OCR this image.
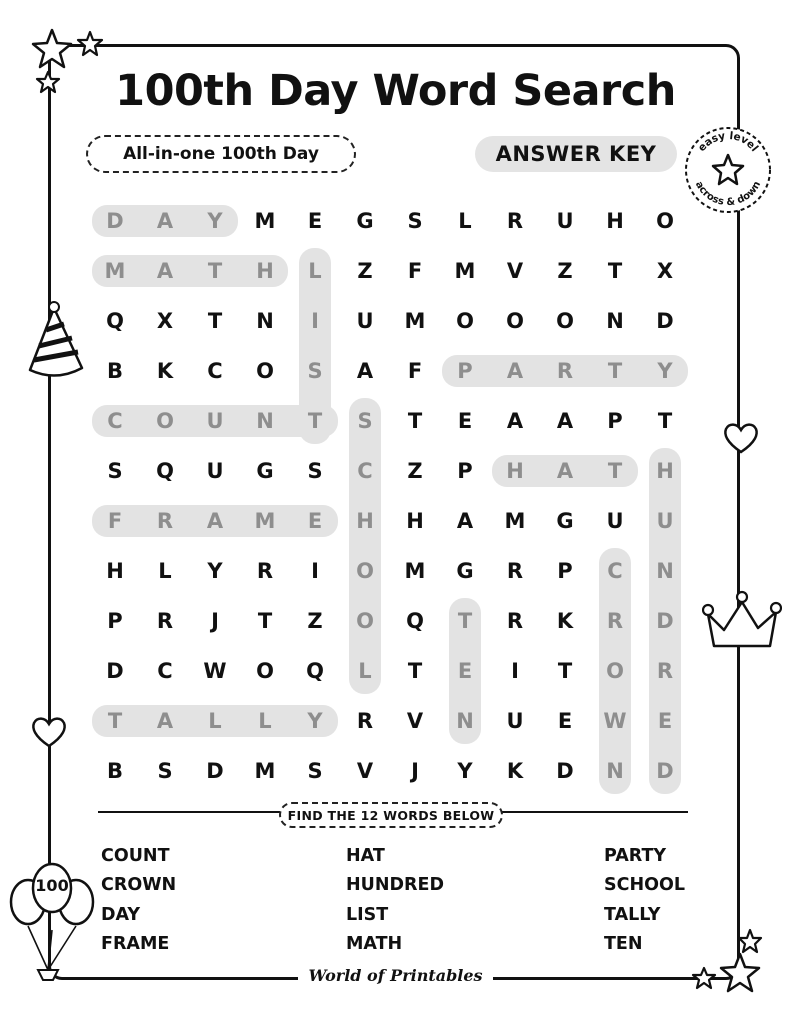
100
100th Day Word Search
All-in-one 100th Day	ANSWER KEY	easy level
across & down
D	A	Y	M	E	G	S	L	R	U	H	O
M	A	T	H	L	Z	F	M	V	Z	T	X
Q	X	T	N	I	U	M	O	O	O	N	D
B	K	C	O	S	A	F	P	A	R	T	Y
C	O	U	N	T	S	T	E	A	A	P	T
S	Q	U	G	S	C	Z	P	H	A	T	H
F	R	A	M	E	H	H	A	M	G	U	U
H	L	Y	R	I	O	M	G	R	P	C	N
P	R	J	T	Z	O	Q	T	R	K	R	D
D	C	W	O	Q	L	T	E	I	T	O	R
T	A	L	L	Y	R	V	N	U	E	W	E
B	S	D	M	S	V	J	Y	K	D	N	D
FIND THE 12 WORDS BELOW
COUNT
CROWN
DAY
FRAME
HAT
HUNDRED
LIST
MATH
PARTY
SCHOOL
TALLY
TEN
World of Printables
